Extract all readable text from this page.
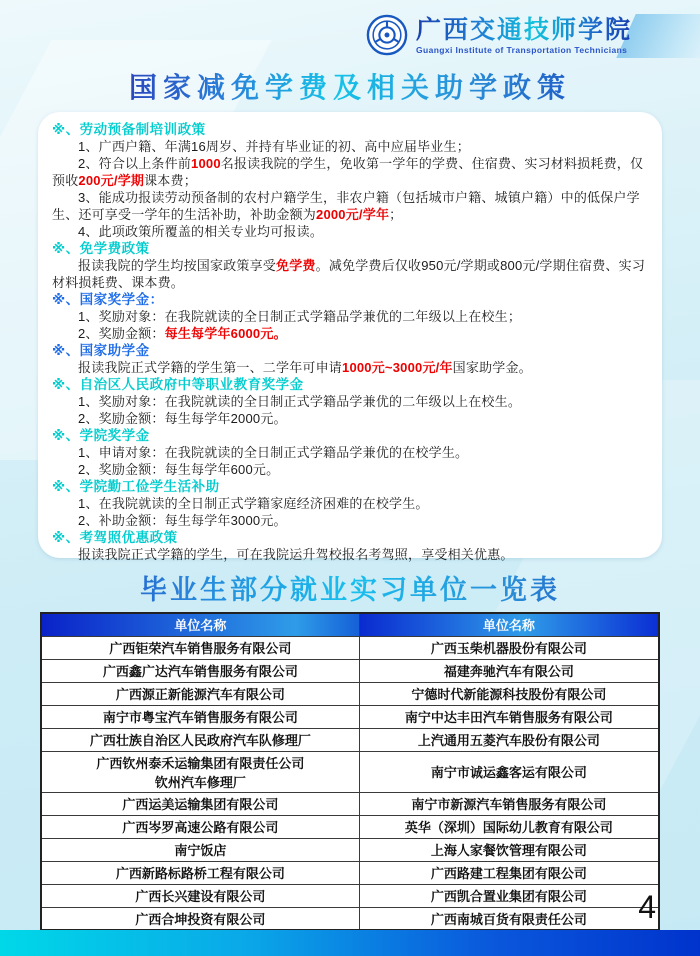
广西交通技师学院
Guangxi Institute of Transportation Technicians
国家减免学费及相关助学政策
※、劳动预备制培训政策
1、广西户籍、年满16周岁、并持有毕业证的初、高中应届毕业生；
2、符合以上条件前1000名报读我院的学生，免收第一学年的学费、住宿费、实习材料损耗费，仅预收200元/学期课本费；
3、能成功报读劳动预备制的农村户籍学生，非农户籍（包括城市户籍、城镇户籍）中的低保户学生、还可享受一学年的生活补助，补助金额为2000元/学年；
4、此项政策所覆盖的相关专业均可报读。
※、免学费政策
报读我院的学生均按国家政策享受免学费。减免学费后仅收950元/学期或800元/学期住宿费、实习材料损耗费、课本费。
※、国家奖学金：
1、奖励对象：在我院就读的全日制正式学籍品学兼优的二年级以上在校生；
2、奖励金额：每生每学年6000元。
※、国家助学金
报读我院正式学籍的学生第一、二学年可申请1000元~3000元/年国家助学金。
※、自治区人民政府中等职业教育奖学金
1、奖励对象：在我院就读的全日制正式学籍品学兼优的二年级以上在校生。
2、奖励金额：每生每学年2000元。
※、学院奖学金
1、申请对象：在我院就读的全日制正式学籍品学兼优的在校学生。
2、奖励金额：每生每学年600元。
※、学院勤工俭学生活补助
1、在我院就读的全日制正式学籍家庭经济困难的在校学生。
2、补助金额：每生每学年3000元。
※、考驾照优惠政策
报读我院正式学籍的学生，可在我院运升驾校报名考驾照，享受相关优惠。
毕业生部分就业实习单位一览表
单位名称	单位名称
广西钜荣汽车销售服务有限公司	广西玉柴机器股份有限公司
广西鑫广达汽车销售服务有限公司	福建奔驰汽车有限公司
广西源正新能源汽车有限公司	宁德时代新能源科技股份有限公司
南宁市粤宝汽车销售服务有限公司	南宁中达丰田汽车销售服务有限公司
广西壮族自治区人民政府汽车队修理厂	上汽通用五菱汽车股份有限公司
广西钦州泰禾运输集团有限责任公司
钦州汽车修理厂	南宁市诚运鑫客运有限公司
广西运美运输集团有限公司	南宁市新源汽车销售服务有限公司
广西岑罗高速公路有限公司	英华（深圳）国际幼儿教育有限公司
南宁饭店	上海人家餐饮管理有限公司
广西新路标路桥工程有限公司	广西路建工程集团有限公司
广西长兴建设有限公司	广西凯合置业集团有限公司
广西合坤投资有限公司	广西南城百货有限责任公司 4
